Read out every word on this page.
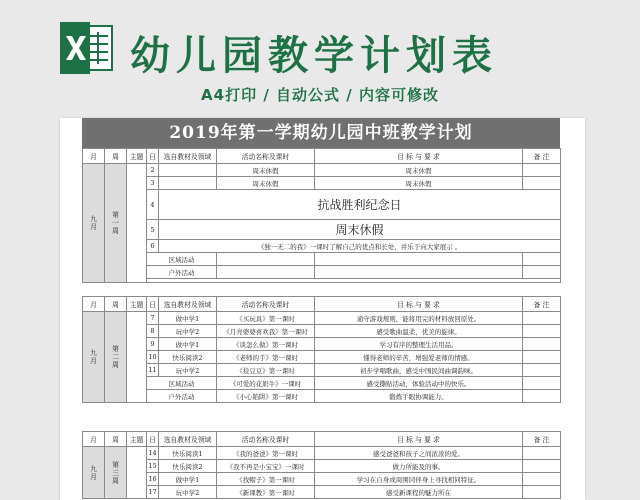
幼儿园教学计划表
A4打印 / 自动公式 / 内容可修改
2019年第一学期幼儿园中班教学计划
月	周	主题	日	选自教材及领域	活动名称及课时	目 标 与 要 求	备 注
九月	第一周		2		周末休假	周末休假	
			3		周末休假	周末休假	
			4	抗战胜利纪念日			
			5	周末休假			
			6	《独一无二的我》一课时了解自己的优点和长处，并乐于向大家展示 。			
			区域活动				
			户外活动				

月	周	主题	日	选自教材及领域	活动名称及课时	目 标 与 要 求	备 注
九月	第二周		7	做中学1	《买玩具》第一课时	通守游戏规则，能将用完的材料放回原处。	
			8	玩中学2	《月亮婆婆喜欢我》第一课时	感受歌曲温柔，优美的旋律。	
			9	做中学1	《谈怎么做》第一课时	学习有序的整理生活用品。	
			10	快乐阅读2	《老师的手》第一课时	懂得老师的辛苦，增强爱老师的情感。	
			11	玩中学2	《捡豆豆》第一课时	初步学唱歌曲，感受中国民间曲调韵味。	
			区域活动		《可爱的花奶牛》一课时	感受撕贴活动，体验活动中的快乐。	
			户外活动		《小心陷阱》第一课时	锻炼手眼协调能力。	
月	周	主题	日	选自教材及领域	活动名称及课时	目 标 与 要 求	备 注
九月	第三周		14	快乐阅读1	《我的爸爸》第一课时	感受爸爸和孩子之间浓浓的爱。	
			15	快乐阅读2	《我不再是小宝宝》一课时	做力所能及的事。	
			16	做中学1	《找帽子》第一课时	学习在自身或周围同伴身上寻找相同特征。	
			17	玩中学2	《新课教》第一课时	感受新课程的魅力所在	
